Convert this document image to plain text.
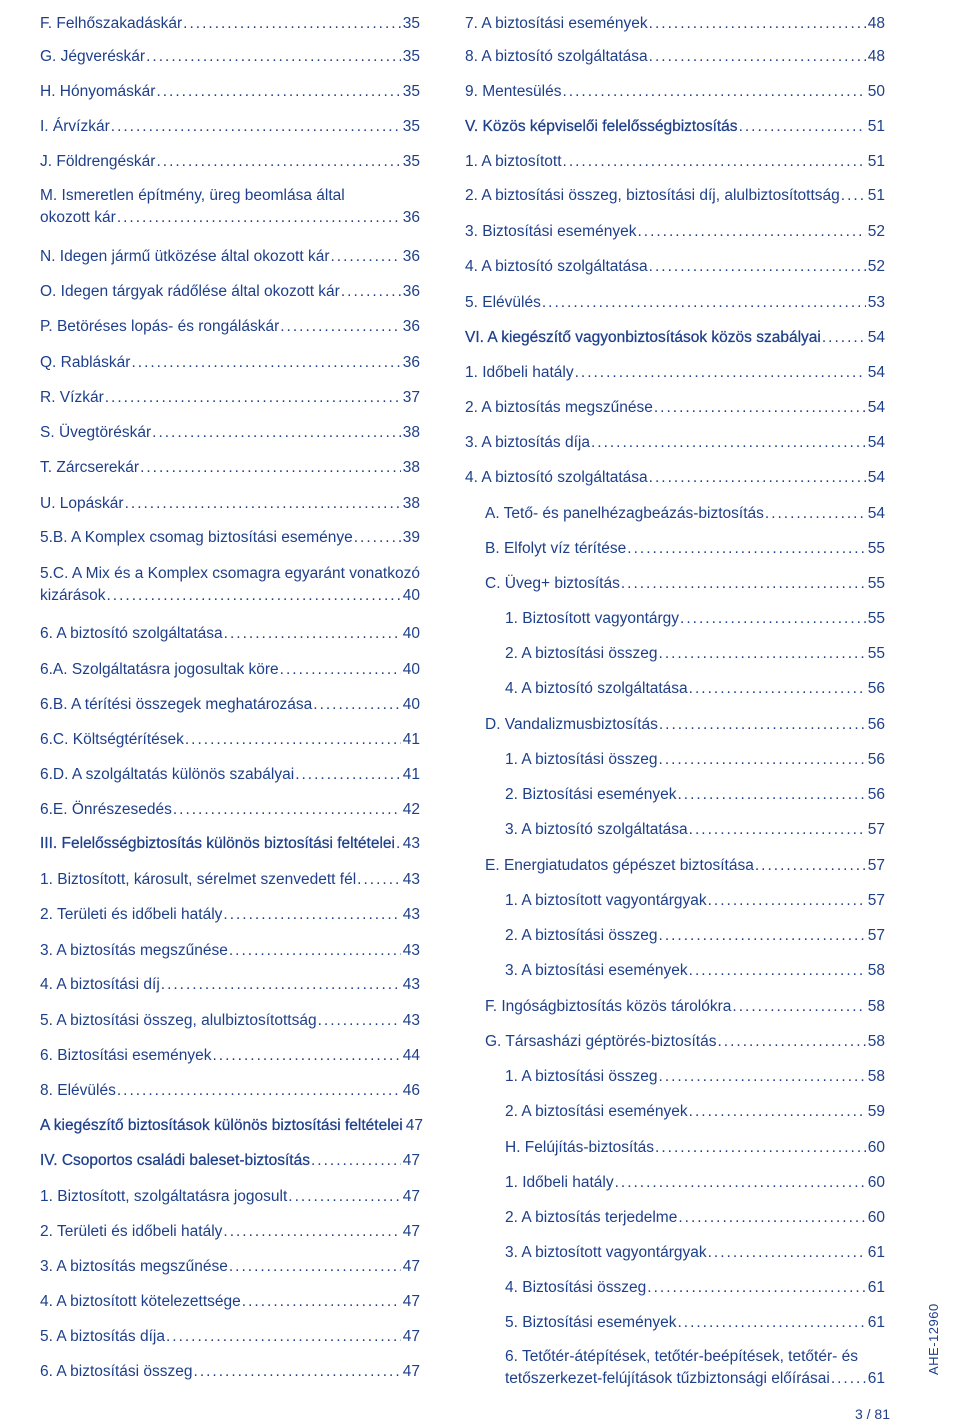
F. Felhőszakadáskár .....	35
G. Jégveréskár .....	35
H. Hónyomáskár .....	35
I. Árvízkár .....	35
J. Földrengéskár .....	35
M. Ismeretlen építmény, üreg beomlása által
okozott kár .....	36
N. Idegen jármű ütközése által okozott kár .....	36
O. Idegen tárgyak rádőlése által okozott kár .....	36
P. Betöréses lopás- és rongáláskár .....	36
Q. Rabláskár .....	36
R. Vízkár .....	37
S. Üvegtöréskár .....	38
T. Zárcserekár .....	38
U. Lopáskár .....	38
5.B. A Komplex csomag biztosítási eseménye .....	39
5.C. A Mix és a Komplex csomagra egyaránt vonatkozó
kizárások .....	40
6. A biztosító szolgáltatása .....	40
6.A. Szolgáltatásra jogosultak köre .....	40
6.B. A térítési összegek meghatározása .....	40
6.C. Költségtérítések .....	41
6.D. A szolgáltatás különös szabályai .....	41
6.E. Önrészesedés .....	42
III. Felelősségbiztosítás különös biztosítási feltételei ..... 43
1. Biztosított, károsult, sérelmet szenvedett fél .....	43
2. Területi és időbeli hatály .....	43
3. A biztosítás megszűnése .....	43
4. A biztosítási díj .....	43
5. A biztosítási összeg, alulbiztosítottság .....	43
6. Biztosítási események .....	44
8. Elévülés .....	46
A kiegészítő biztosítások különös biztosítási feltételei 47
IV. Csoportos családi baleset-biztosítás .....	47
1. Biztosított, szolgáltatásra jogosult .....	47
2. Területi és időbeli hatály .....	47
3. A biztosítás megszűnése .....	47
4. A biztosított kötelezettsége .....	47
5. A biztosítás díja .....	47
6. A biztosítási összeg .....	47
7. A biztosítási események .....	48
8. A biztosító szolgáltatása .....	48
9. Mentesülés .....	50
V. Közös képviselői felelősségbiztosítás .....	51
1. A biztosított .....	51
2. A biztosítási összeg, biztosítási díj, alulbiztosítottság ..... 51
3. Biztosítási események .....	52
4. A biztosító szolgáltatása .....	52
5. Elévülés .....	53
VI. A kiegészítő vagyonbiztosítások közös szabályai .....	54
1. Időbeli hatály .....	54
2. A biztosítás megszűnése .....	54
3. A biztosítás díja .....	54
4. A biztosító szolgáltatása .....	54
A. Tető- és panelhézagbeázás-biztosítás .....	54
B. Elfolyt víz térítése .....	55
C. Üveg+ biztosítás .....	55
1. Biztosított vagyontárgy .....	55
2. A biztosítási összeg .....	55
4. A biztosító szolgáltatása .....	56
D. Vandalizmusbiztosítás .....	56
1. A biztosítási összeg .....	56
2. Biztosítási események .....	56
3. A biztosító szolgáltatása .....	57
E. Energiatudatos gépészet biztosítása .....	57
1. A biztosított vagyontárgyak .....	57
2. A biztosítási összeg .....	57
3. A biztosítási események .....	58
F. Ingóságbiztosítás közös tárolókra .....	58
G. Társasházi géptörés-biztosítás .....	58
1. A biztosítási összeg .....	58
2. A biztosítási események .....	59
H. Felújítás-biztosítás .....	60
1. Időbeli hatály .....	60
2. A biztosítás terjedelme .....	60
3. A biztosított vagyontárgyak .....	61
4. Biztosítási összeg .....	61
5. Biztosítási események .....	61
6. Tetőtér-átépítések, tetőtér-beépítések, tetőtér- és
tetőszerkezet-felújítások tűzbiztonsági előírásai ..... 61
AHE-12960
3 / 81
